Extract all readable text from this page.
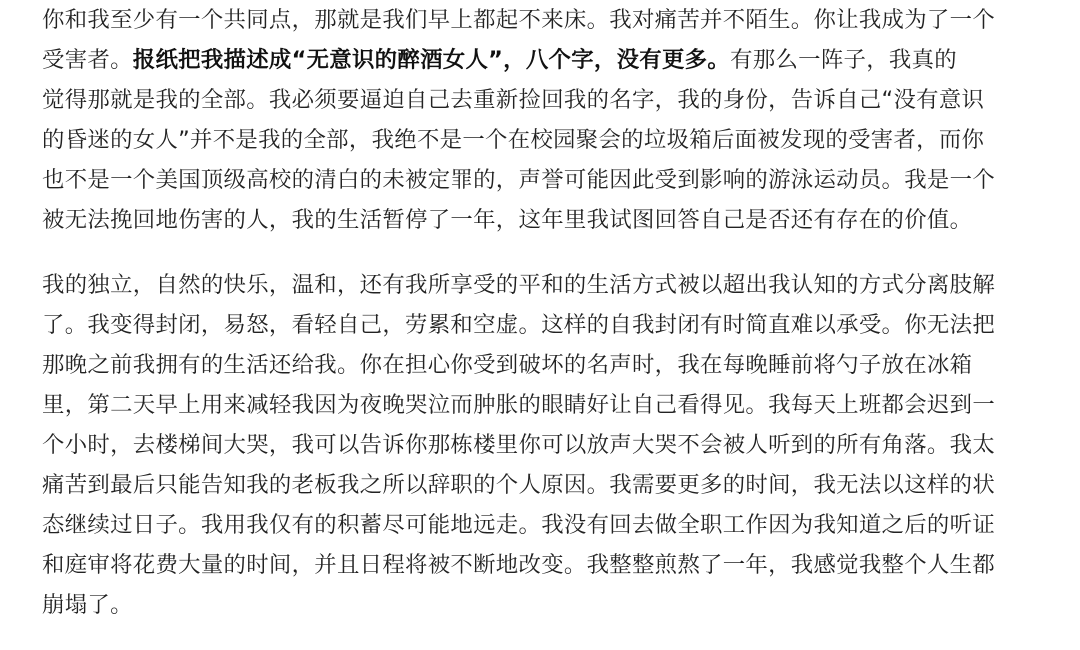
你和我至少有一个共同点，那就是我们早上都起不来床。我对痛苦并不陌生。你让我成为了一个
受害者。报纸把我描述成“无意识的醉酒女人”，八个字，没有更多。有那么一阵子，我真的
觉得那就是我的全部。我必须要逼迫自己去重新捡回我的名字，我的身份，告诉自己“没有意识
的昏迷的女人”并不是我的全部，我绝不是一个在校园聚会的垃圾箱后面被发现的受害者，而你
也不是一个美国顶级高校的清白的未被定罪的，声誉可能因此受到影响的游泳运动员。我是一个
被无法挽回地伤害的人，我的生活暂停了一年，这年里我试图回答自己是否还有存在的价值。
我的独立，自然的快乐，温和，还有我所享受的平和的生活方式被以超出我认知的方式分离肢解
了。我变得封闭，易怒，看轻自己，劳累和空虚。这样的自我封闭有时简直难以承受。你无法把
那晚之前我拥有的生活还给我。你在担心你受到破坏的名声时，我在每晚睡前将勺子放在冰箱
里，第二天早上用来减轻我因为夜晚哭泣而肿胀的眼睛好让自己看得见。我每天上班都会迟到一
个小时，去楼梯间大哭，我可以告诉你那栋楼里你可以放声大哭不会被人听到的所有角落。我太
痛苦到最后只能告知我的老板我之所以辞职的个人原因。我需要更多的时间，我无法以这样的状
态继续过日子。我用我仅有的积蓄尽可能地远走。我没有回去做全职工作因为我知道之后的听证
和庭审将花费大量的时间，并且日程将被不断地改变。我整整煎熬了一年，我感觉我整个人生都
崩塌了。
